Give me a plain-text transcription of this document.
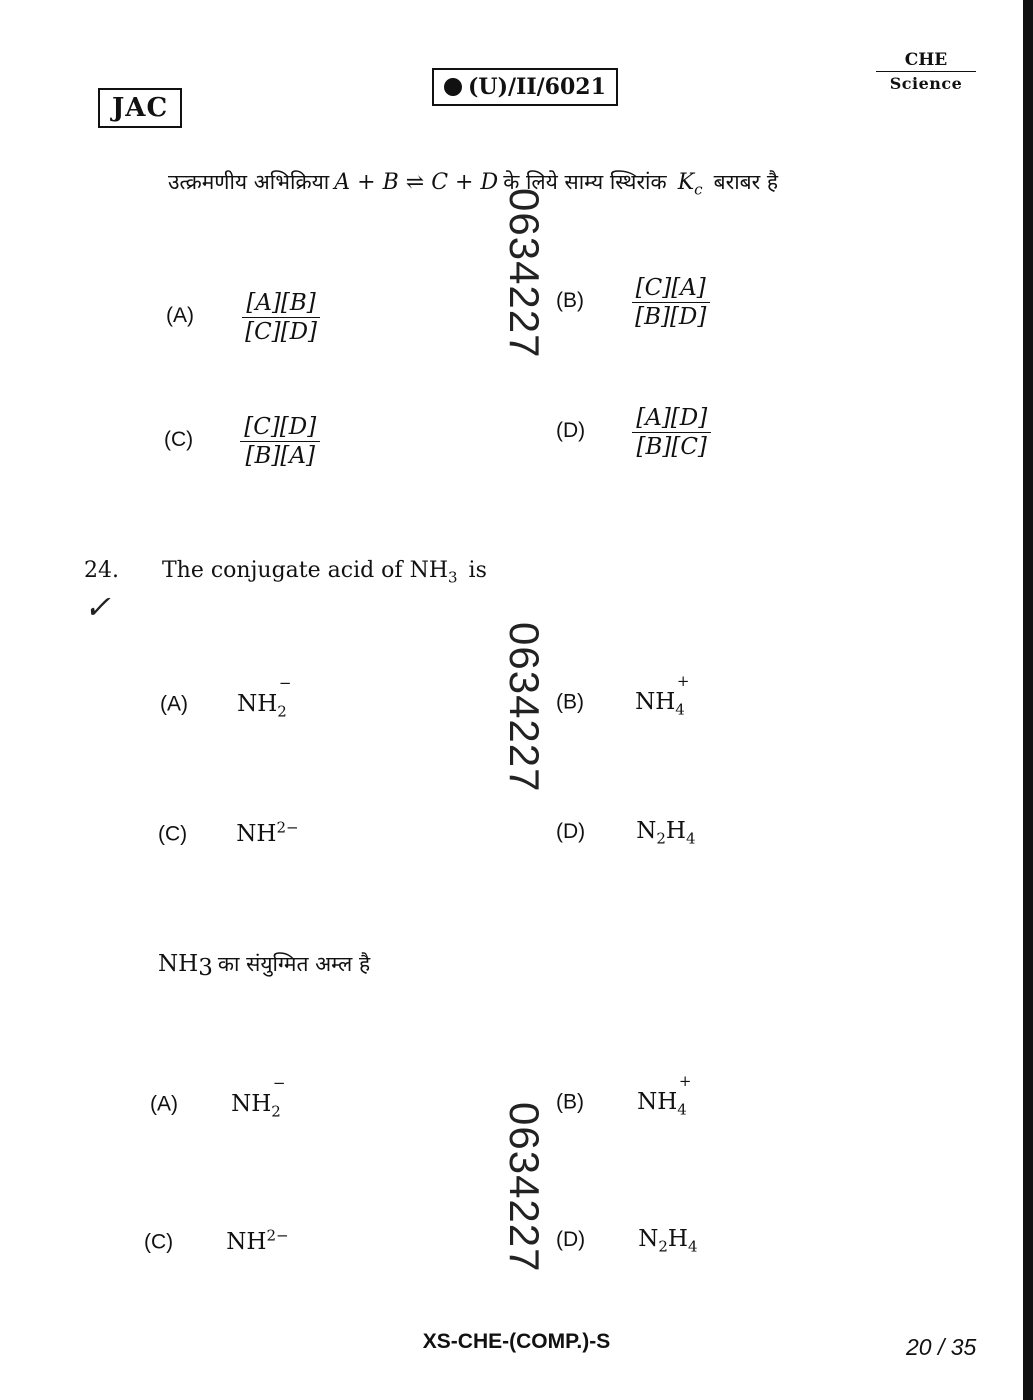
JAC
(U)/II/6021
CHE
Science
उत्क्रमणीय अभिक्रिया A + B ⇌ C + D के लिये साम्य स्थिरांक $K_c$ बराबर है
$(A) \frac{[A][B]}{[C][D]}$	$(B) \frac{[C][A]}{[B][D]}$
$(C) \frac{[C][D]}{[B][A]}$	$(D) \frac{[A][D]}{[B][C]}$
24.
✓
The conjugate acid of $NH_3$ is
(A) $NH_2^-$
(B) $NH_4^+$
(C) $NH^{2-}$	(D) $N_2H_4$
$NH_3$ का संयुग्मित अम्ल है
(A) $NH_2^-$
(B) $NH_4^+$
(C) $NH^{2-}$	(D) $N_2H_4$
0634227
0634227
0634227
XS-CHE-(COMP.)-S	20 / 35
